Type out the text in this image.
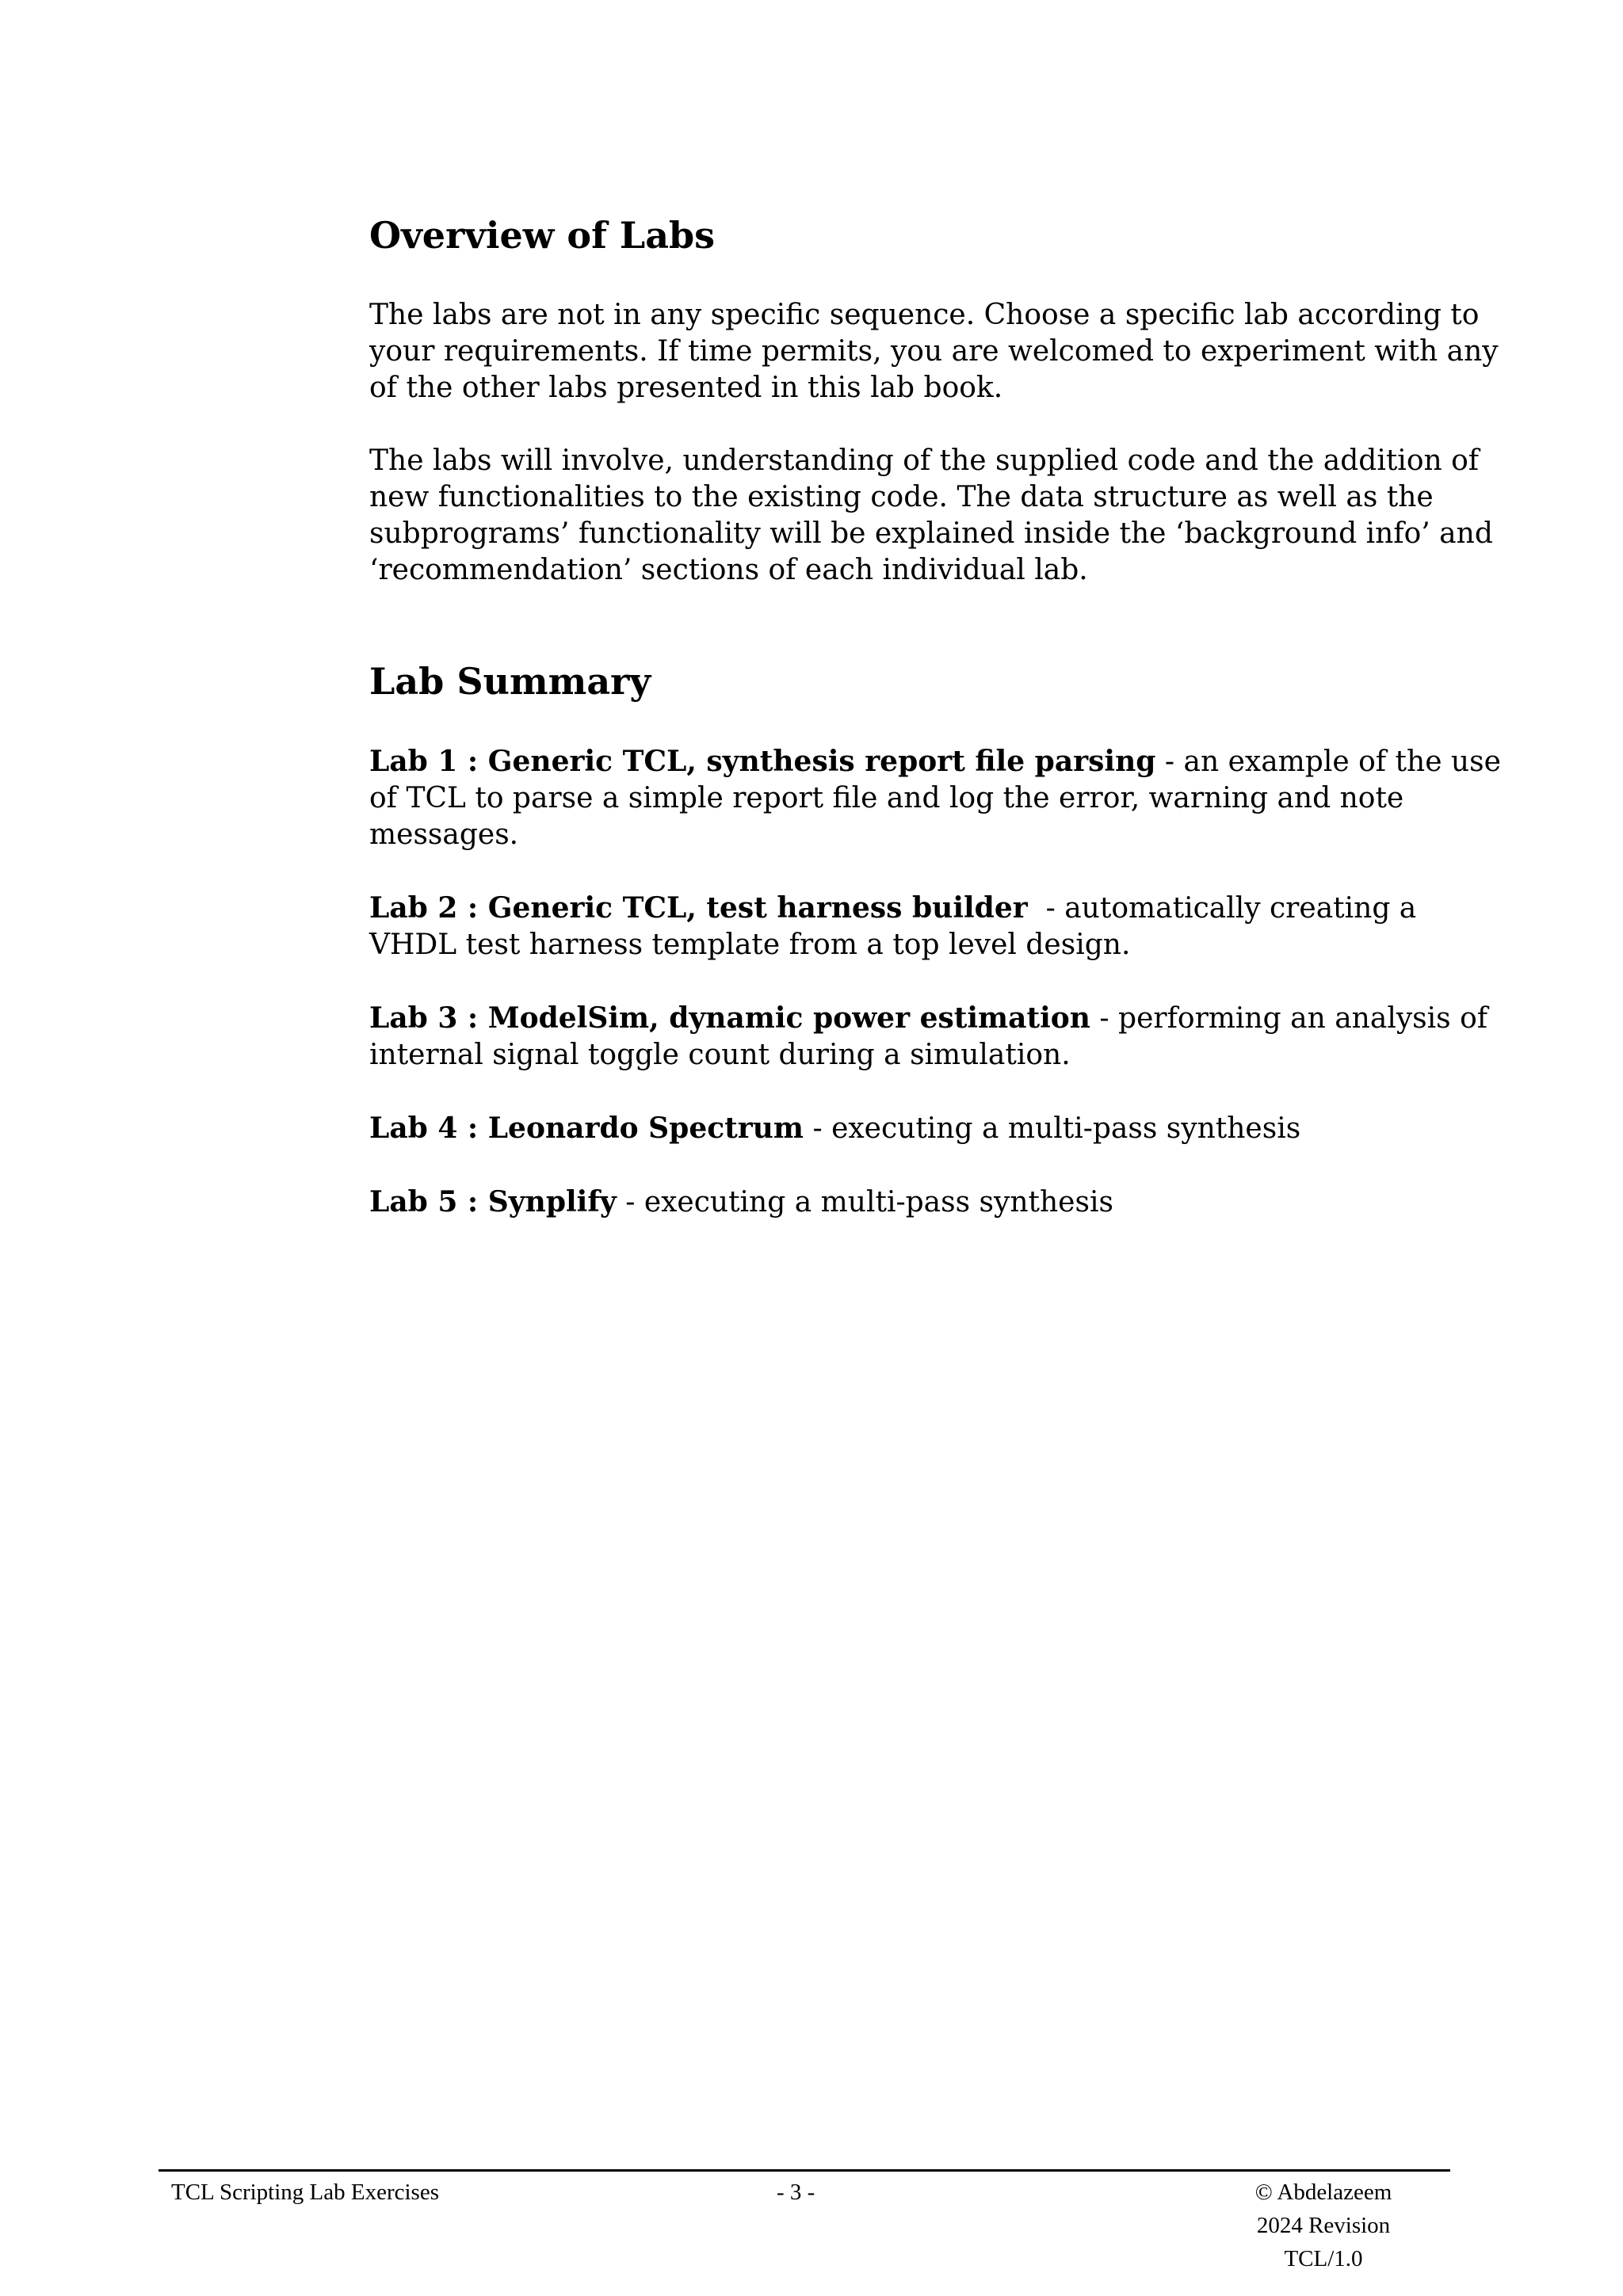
Overview of Labs

The labs are not in any specific sequence. Choose a specific lab according to your requirements. If time permits, you are welcomed to experiment with any of the other labs presented in this lab book.

The labs will involve, understanding of the supplied code and the addition of new functionalities to the existing code. The data structure as well as the subprograms’ functionality will be explained inside the ‘background info’ and ‘recommendation’ sections of each individual lab.

Lab Summary

Lab 1 : Generic TCL, synthesis report file parsing - an example of the use of TCL to parse a simple report file and log the error, warning and note messages.

Lab 2 : Generic TCL, test harness builder  - automatically creating a VHDL test harness template from a top level design.

Lab 3 : ModelSim, dynamic power estimation - performing an analysis of internal signal toggle count during a simulation.

Lab 4 : Leonardo Spectrum - executing a multi-pass synthesis

Lab 5 : Synplify - executing a multi-pass synthesis

TCL Scripting Lab Exercises	- 3 -	© Abdelazeem
2024 Revision
TCL/1.0
